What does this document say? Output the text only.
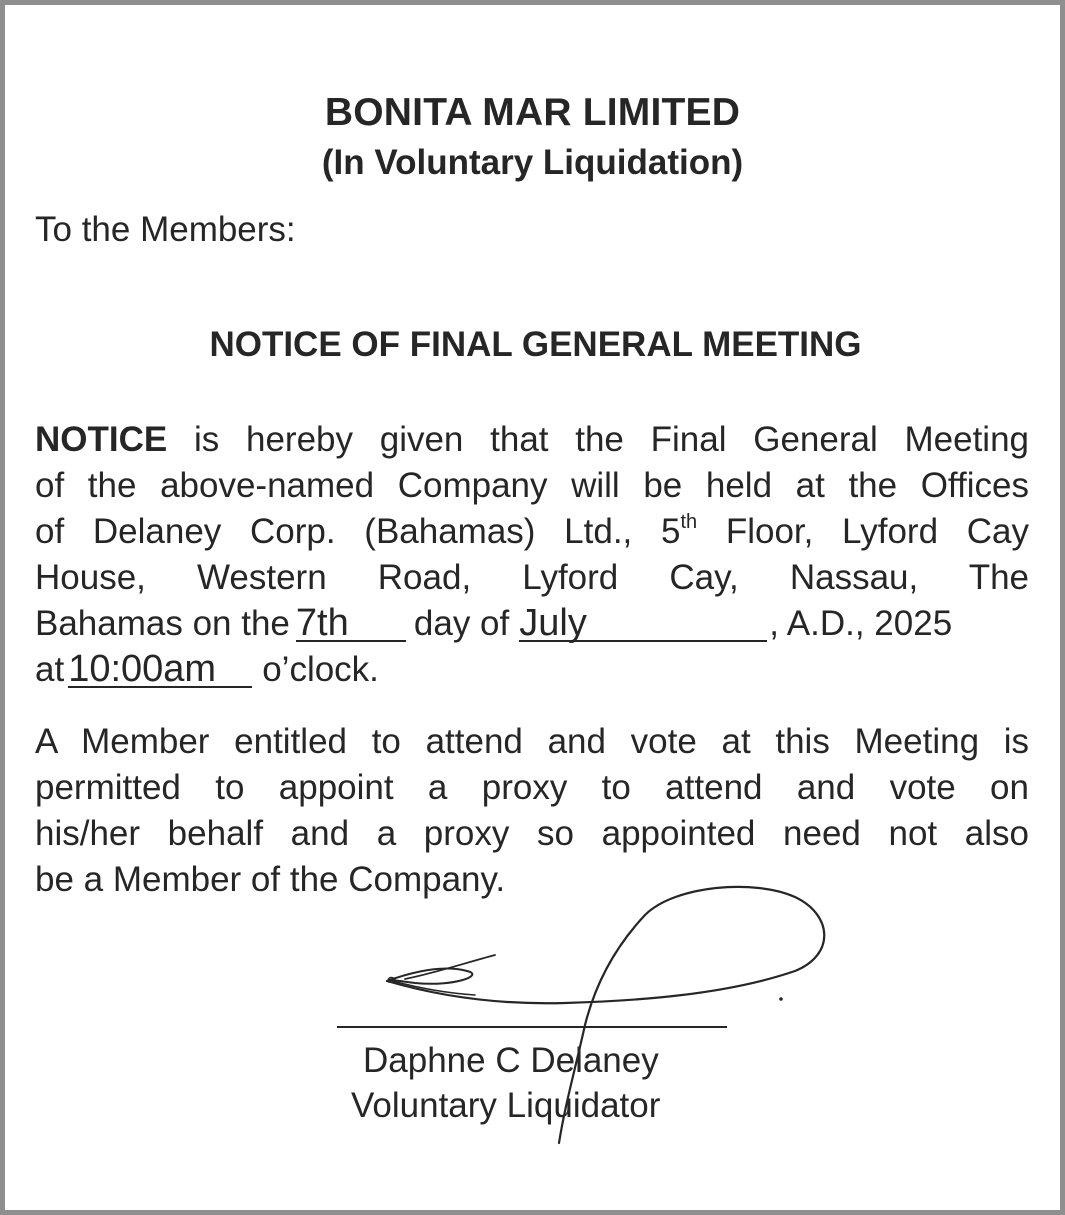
BONITA MAR LIMITED
(In Voluntary Liquidation)
To the Members:
NOTICE OF FINAL GENERAL MEETING
NOTICE is hereby given that the Final General Meeting
of the above-named Company will be held at the Offices
of Delaney Corp. (Bahamas) Ltd., 5th Floor, Lyford Cay
House, Western Road, Lyford Cay, Nassau, The
Bahamas on the 7th	day of July	, A.D., 2025
at 10:00am	o’clock.
A Member entitled to attend and vote at this Meeting is
permitted to appoint a proxy to attend and vote on
his/her behalf and a proxy so appointed need not also
be a Member of the Company.
Daphne C Delaney
Voluntary Liquidator
